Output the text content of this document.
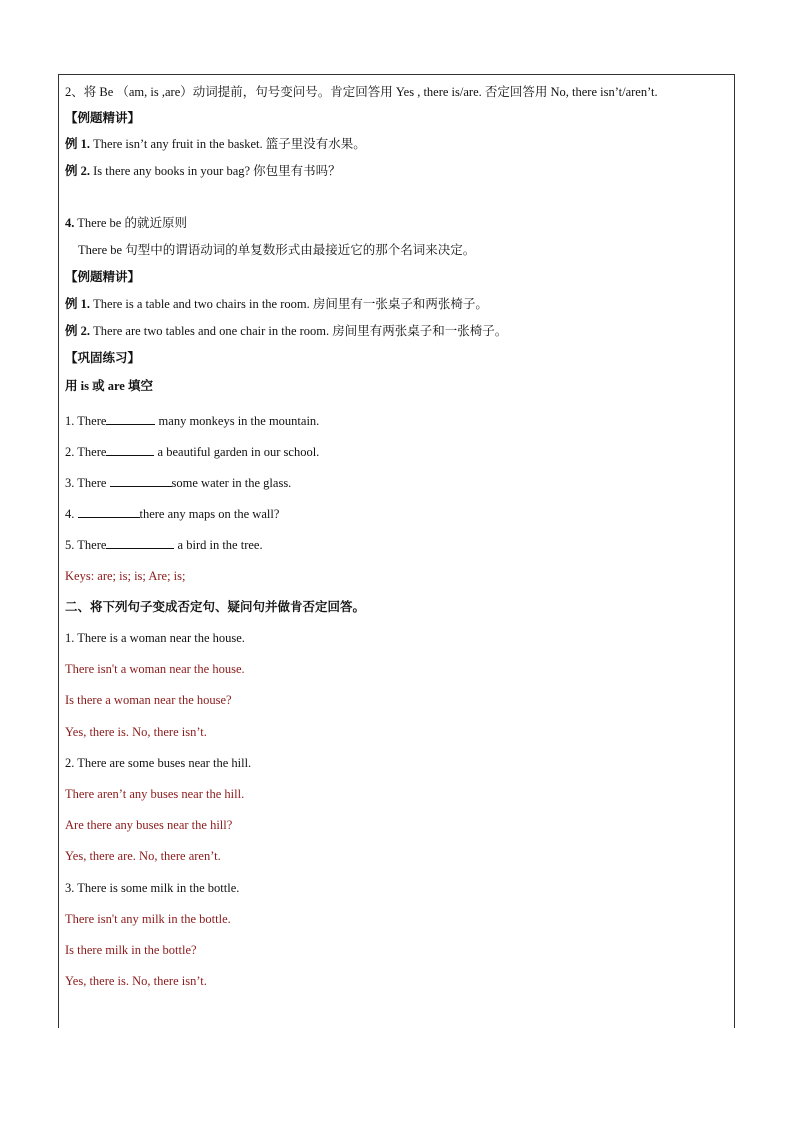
2、将 Be （am, is ,are）动词提前，句号变问号。肯定回答用 Yes , there is/are. 否定回答用 No, there isn’t/aren’t.
【例题精讲】
例 1. There isn’t any fruit in the basket. 篮子里没有水果。
例 2. Is there any books in your bag? 你包里有书吗？
4. There be 的就近原则
There be 句型中的谓语动词的单复数形式由最接近它的那个名词来决定。
【例题精讲】
例 1. There is a table and two chairs in the room. 房间里有一张桌子和两张椅子。
例 2. There are two tables and one chair in the room. 房间里有两张桌子和一张椅子。
【巩固练习】
用 is 或 are 填空
1. There	many monkeys in the mountain.
2. There	a beautiful garden in our school.
3. There	some water in the glass.
4.	there any maps on the wall?
5. There	a bird in the tree.
Keys: are; is; is; Are; is;
二、将下列句子变成否定句、疑问句并做肯否定回答。
1. There is a woman near the house.
There isn't a woman near the house.
Is there a woman near the house?
Yes, there is. No, there isn’t.
2. There are some buses near the hill.
There aren’t any buses near the hill.
Are there any buses near the hill?
Yes, there are. No, there aren’t.
3. There is some milk in the bottle.
There isn't any milk in the bottle.
Is there milk in the bottle?
Yes, there is. No, there isn’t.
